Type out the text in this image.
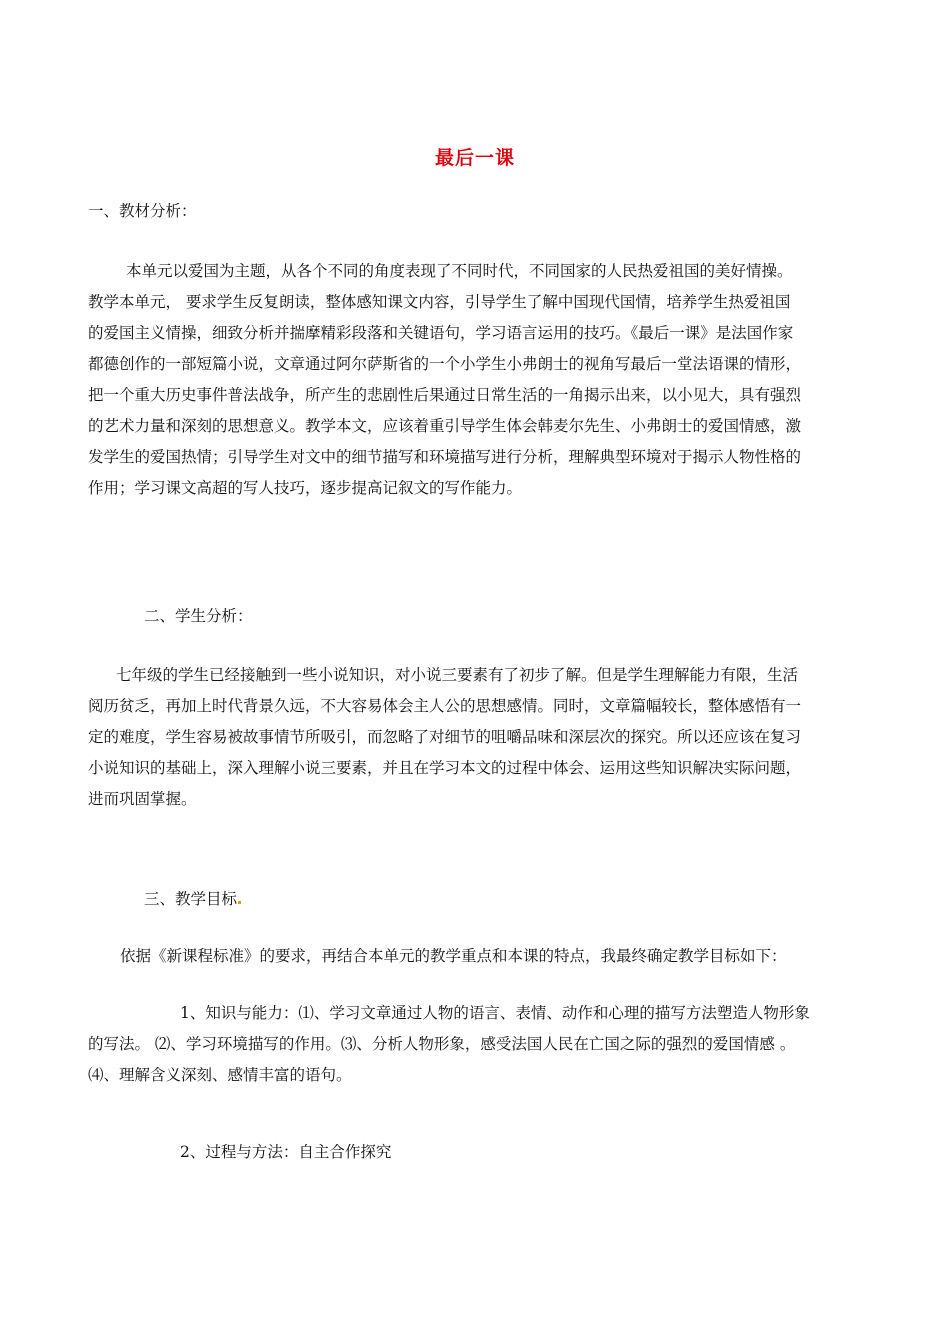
最后一课

一、教材分析：

本单元以爱国为主题，从各个不同的角度表现了不同时代，不同国家的人民热爱祖国的美好情操。
教学本单元， 要求学生反复朗读，整体感知课文内容，引导学生了解中国现代国情，培养学生热爱祖国
的爱国主义情操，细致分析并揣摩精彩段落和关键语句，学习语言运用的技巧。《最后一课》是法国作家
都德创作的一部短篇小说，文章通过阿尔萨斯省的一个小学生小弗朗士的视角写最后一堂法语课的情形，
把一个重大历史事件普法战争，所产生的悲剧性后果通过日常生活的一角揭示出来，以小见大，具有强烈
的艺术力量和深刻的思想意义。教学本文，应该着重引导学生体会韩麦尔先生、小弗朗士的爱国情感，激
发学生的爱国热情；引导学生对文中的细节描写和环境描写进行分析，理解典型环境对于揭示人物性格的
作用；学习课文高超的写人技巧，逐步提高记叙文的写作能力。

二、学生分析：

七年级的学生已经接触到一些小说知识，对小说三要素有了初步了解。但是学生理解能力有限，生活
阅历贫乏，再加上时代背景久远，不大容易体会主人公的思想感情。同时，文章篇幅较长，整体感悟有一
定的难度，学生容易被故事情节所吸引，而忽略了对细节的咀嚼品味和深层次的探究。所以还应该在复习
小说知识的基础上，深入理解小说三要素，并且在学习本文的过程中体会、运用这些知识解决实际问题，
进而巩固掌握。

三、教学目标

依据《新课程标准》的要求，再结合本单元的教学重点和本课的特点，我最终确定教学目标如下：

1、知识与能力：⑴、学习文章通过人物的语言、表情、动作和心理的描写方法塑造人物形象
的写法。 ⑵、学习环境描写的作用。⑶、分析人物形象，感受法国人民在亡国之际的强烈的爱国情感 。
⑷、理解含义深刻、感情丰富的语句。

2、过程与方法：自主合作探究
